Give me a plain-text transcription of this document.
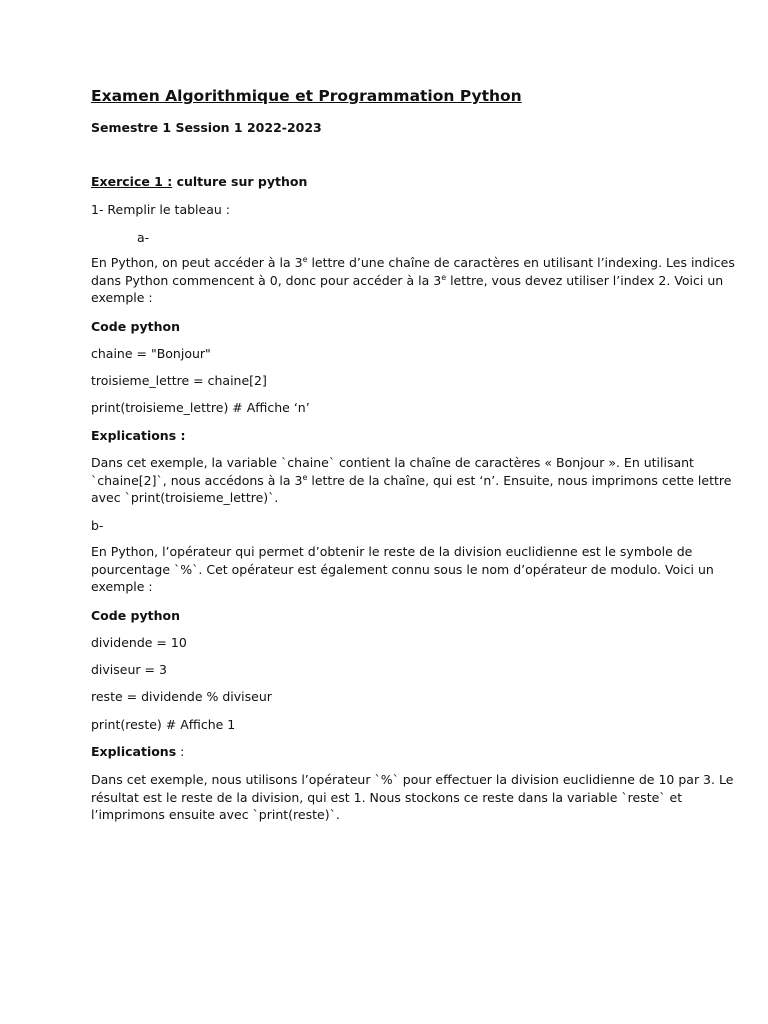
Examen Algorithmique et Programmation Python
Semestre 1 Session 1 2022-2023
Exercice 1 : culture sur python
1- Remplir le tableau :
a-
En Python, on peut accéder à la 3e lettre d’une chaîne de caractères en utilisant l’indexing. Les indices
dans Python commencent à 0, donc pour accéder à la 3e lettre, vous devez utiliser l’index 2. Voici un
exemple :
Code python
chaine = "Bonjour"
troisieme_lettre = chaine[2]
print(troisieme_lettre) # Affiche ‘n’
Explications :
Dans cet exemple, la variable `chaine` contient la chaîne de caractères « Bonjour ». En utilisant
`chaine[2]`, nous accédons à la 3e lettre de la chaîne, qui est ‘n’. Ensuite, nous imprimons cette lettre
avec `print(troisieme_lettre)`.
b-
En Python, l’opérateur qui permet d’obtenir le reste de la division euclidienne est le symbole de
pourcentage `%`. Cet opérateur est également connu sous le nom d’opérateur de modulo. Voici un
exemple :
Code python
dividende = 10
diviseur = 3
reste = dividende % diviseur
print(reste) # Affiche 1
Explications :
Dans cet exemple, nous utilisons l’opérateur `%` pour effectuer la division euclidienne de 10 par 3. Le
résultat est le reste de la division, qui est 1. Nous stockons ce reste dans la variable `reste` et
l’imprimons ensuite avec `print(reste)`.
